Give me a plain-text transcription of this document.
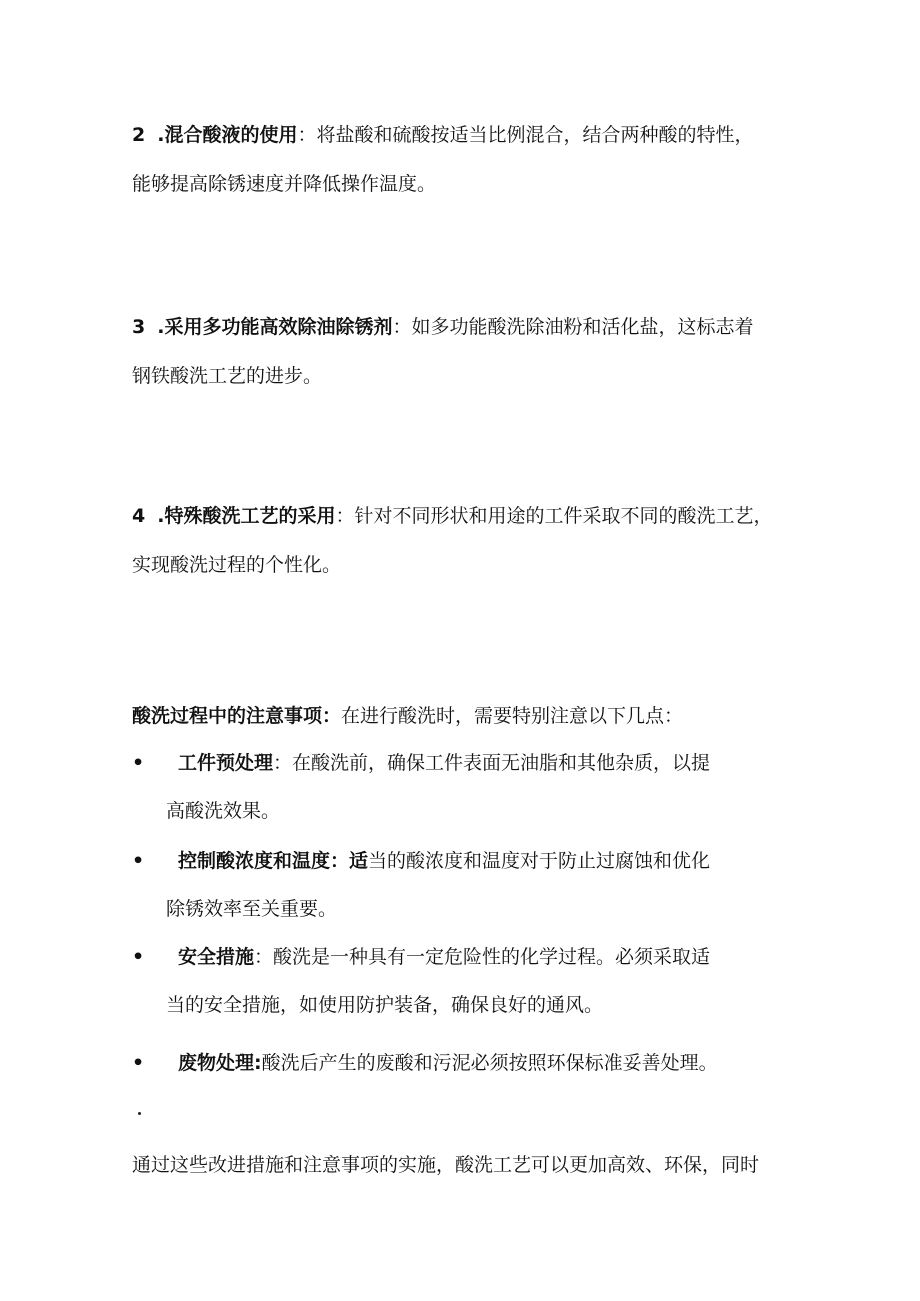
2 .混合酸液的使用：将盐酸和硫酸按适当比例混合，结合两种酸的特性，
能够提高除锈速度并降低操作温度。
3 .采用多功能高效除油除锈剂：如多功能酸洗除油粉和活化盐，这标志着
钢铁酸洗工艺的进步。
4 .特殊酸洗工艺的采用：针对不同形状和用途的工件采取不同的酸洗工艺，
实现酸洗过程的个性化。
酸洗过程中的注意事项：在进行酸洗时，需要特别注意以下几点：
• 工件预处理：在酸洗前，确保工件表面无油脂和其他杂质，以提
高酸洗效果。
• 控制酸浓度和温度：适当的酸浓度和温度对于防止过腐蚀和优化
除锈效率至关重要。
• 安全措施：酸洗是一种具有一定危险性的化学过程。必须采取适
当的安全措施，如使用防护装备，确保良好的通风。
• 废物处理:酸洗后产生的废酸和污泥必须按照环保标准妥善处理。
通过这些改进措施和注意事项的实施，酸洗工艺可以更加高效、环保，同时
